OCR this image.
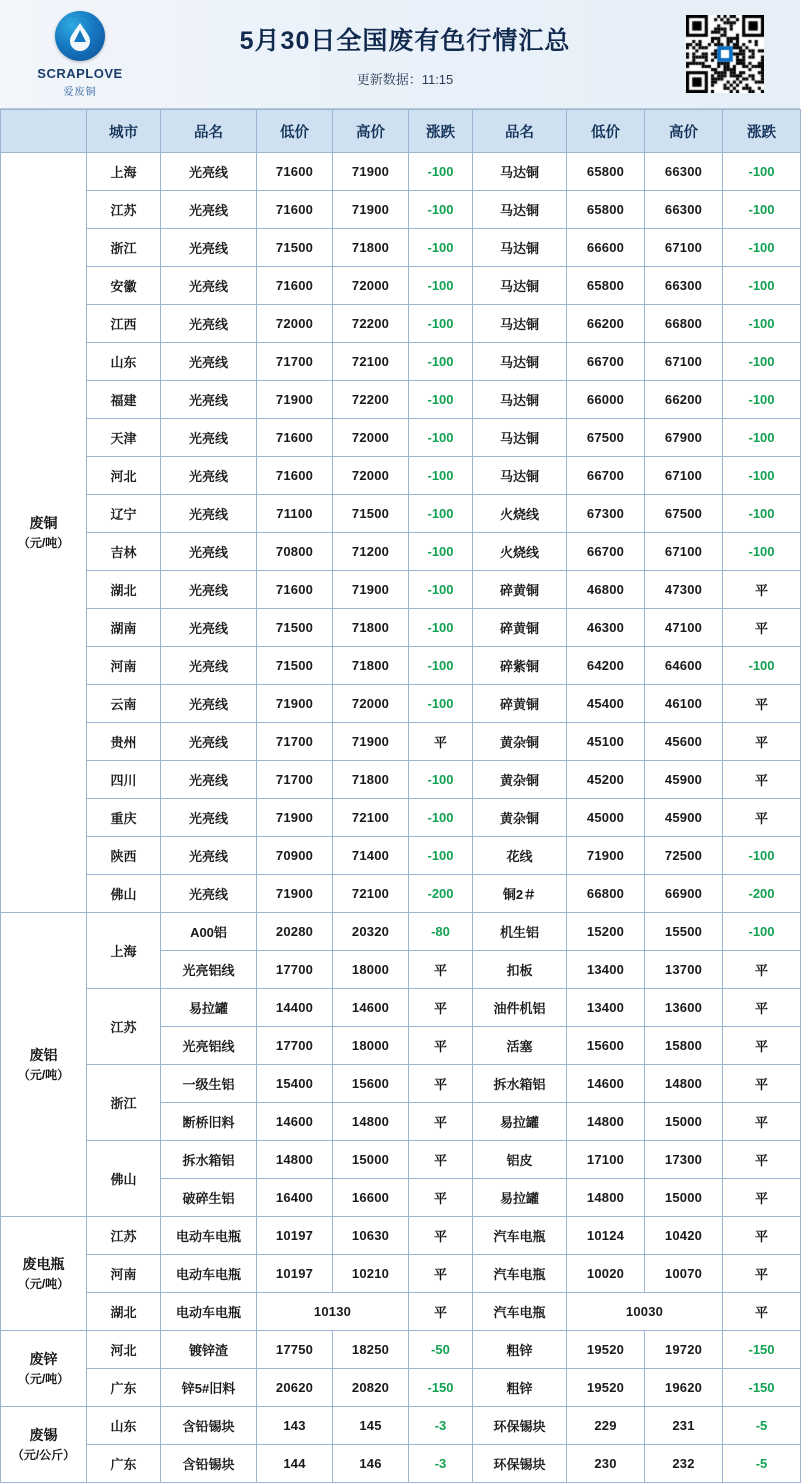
SCRAPLOVE
爱废铜
5月30日全国废有色行情汇总
更新数据：11:15
	城市	品名	低价	高价	涨跌	品名	低价	高价	涨跌
废铜
（元/吨）	上海	光亮线	71600	71900	-100	马达铜	65800	66300	-100
	江苏	光亮线	71600	71900	-100	马达铜	65800	66300	-100
	浙江	光亮线	71500	71800	-100	马达铜	66600	67100	-100
	安徽	光亮线	71600	72000	-100	马达铜	65800	66300	-100
	江西	光亮线	72000	72200	-100	马达铜	66200	66800	-100
	山东	光亮线	71700	72100	-100	马达铜	66700	67100	-100
	福建	光亮线	71900	72200	-100	马达铜	66000	66200	-100
	天津	光亮线	71600	72000	-100	马达铜	67500	67900	-100
	河北	光亮线	71600	72000	-100	马达铜	66700	67100	-100
	辽宁	光亮线	71100	71500	-100	火烧线	67300	67500	-100
	吉林	光亮线	70800	71200	-100	火烧线	66700	67100	-100
	湖北	光亮线	71600	71900	-100	碎黄铜	46800	47300	平
	湖南	光亮线	71500	71800	-100	碎黄铜	46300	47100	平
	河南	光亮线	71500	71800	-100	碎紫铜	64200	64600	-100
	云南	光亮线	71900	72000	-100	碎黄铜	45400	46100	平
	贵州	光亮线	71700	71900	平	黄杂铜	45100	45600	平
	四川	光亮线	71700	71800	-100	黄杂铜	45200	45900	平
	重庆	光亮线	71900	72100	-100	黄杂铜	45000	45900	平
	陕西	光亮线	70900	71400	-100	花线	71900	72500	-100
	佛山	光亮线	71900	72100	-200	铜2＃	66800	66900	-200
废铝
（元/吨）	上海	A00铝	20280	20320	-80	机生铝	15200	15500	-100
		光亮铝线	17700	18000	平	扣板	13400	13700	平
	江苏	易拉罐	14400	14600	平	油件机铝	13400	13600	平
		光亮铝线	17700	18000	平	活塞	15600	15800	平
	浙江	一级生铝	15400	15600	平	拆水箱铝	14600	14800	平
		断桥旧料	14600	14800	平	易拉罐	14800	15000	平
	佛山	拆水箱铝	14800	15000	平	铝皮	17100	17300	平
		破碎生铝	16400	16600	平	易拉罐	14800	15000	平
废电瓶
（元/吨）	江苏	电动车电瓶	10197	10630	平	汽车电瓶	10124	10420	平
	河南	电动车电瓶	10197	10210	平	汽车电瓶	10020	10070	平
	湖北	电动车电瓶	10130		平	汽车电瓶	10030		平
废锌
（元/吨）	河北	镀锌渣	17750	18250	-50	粗锌	19520	19720	-150
	广东	锌5#旧料	20620	20820	-150	粗锌	19520	19620	-150
废锡
（元/公斤）	山东	含铅锡块	143	145	-3	环保锡块	229	231	-5
	广东	含铅锡块	144	146	-3	环保锡块	230	232	-5
